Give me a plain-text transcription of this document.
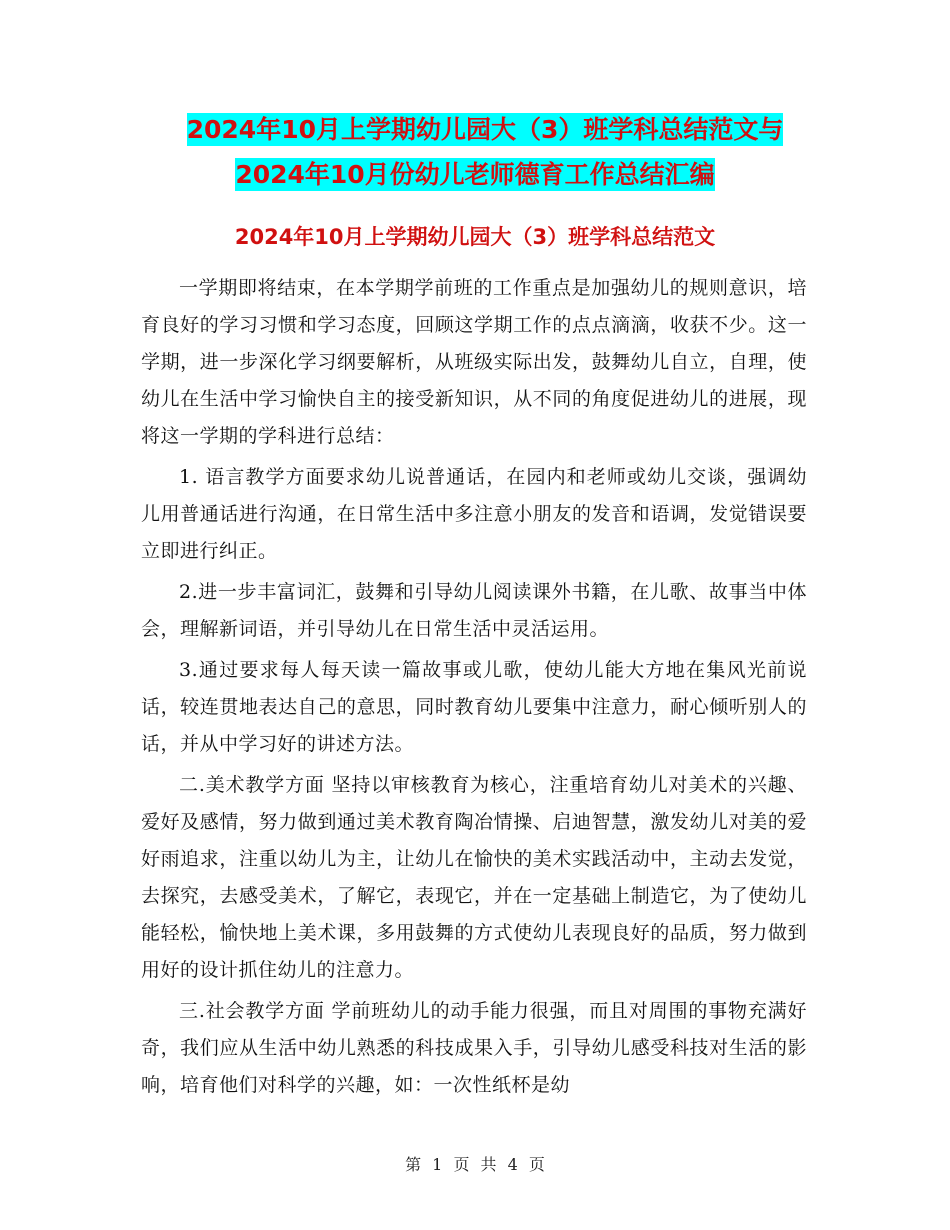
2024年10月上学期幼儿园大（3）班学科总结范文与
2024年10月份幼儿老师德育工作总结汇编
2024年10月上学期幼儿园大（3）班学科总结范文

一学期即将结束，在本学期学前班的工作重点是加强幼儿的规则意识，培育良好的学习习惯和学习态度，回顾这学期工作的点点滴滴，收获不少。这一学期，进一步深化学习纲要解析，从班级实际出发，鼓舞幼儿自立，自理，使幼儿在生活中学习愉快自主的接受新知识，从不同的角度促进幼儿的进展，现将这一学期的学科进行总结：

1. 语言教学方面要求幼儿说普通话，在园内和老师或幼儿交谈，强调幼儿用普通话进行沟通，在日常生活中多注意小朋友的发音和语调，发觉错误要立即进行纠正。

2.进一步丰富词汇，鼓舞和引导幼儿阅读课外书籍，在儿歌、故事当中体会，理解新词语，并引导幼儿在日常生活中灵活运用。

3.通过要求每人每天读一篇故事或儿歌，使幼儿能大方地在集风光前说话，较连贯地表达自己的意思，同时教育幼儿要集中注意力，耐心倾听别人的话，并从中学习好的讲述方法。

二.美术教学方面 坚持以审核教育为核心，注重培育幼儿对美术的兴趣、爱好及感情，努力做到通过美术教育陶冶情操、启迪智慧，激发幼儿对美的爱好雨追求，注重以幼儿为主，让幼儿在愉快的美术实践活动中，主动去发觉，去探究，去感受美术，了解它，表现它，并在一定基础上制造它，为了使幼儿能轻松，愉快地上美术课，多用鼓舞的方式使幼儿表现良好的品质，努力做到用好的设计抓住幼儿的注意力。

三.社会教学方面 学前班幼儿的动手能力很强，而且对周围的事物充满好奇，我们应从生活中幼儿熟悉的科技成果入手，引导幼儿感受科技对生活的影响，培育他们对科学的兴趣，如：一次性纸杯是幼

第 1 页 共 4 页
